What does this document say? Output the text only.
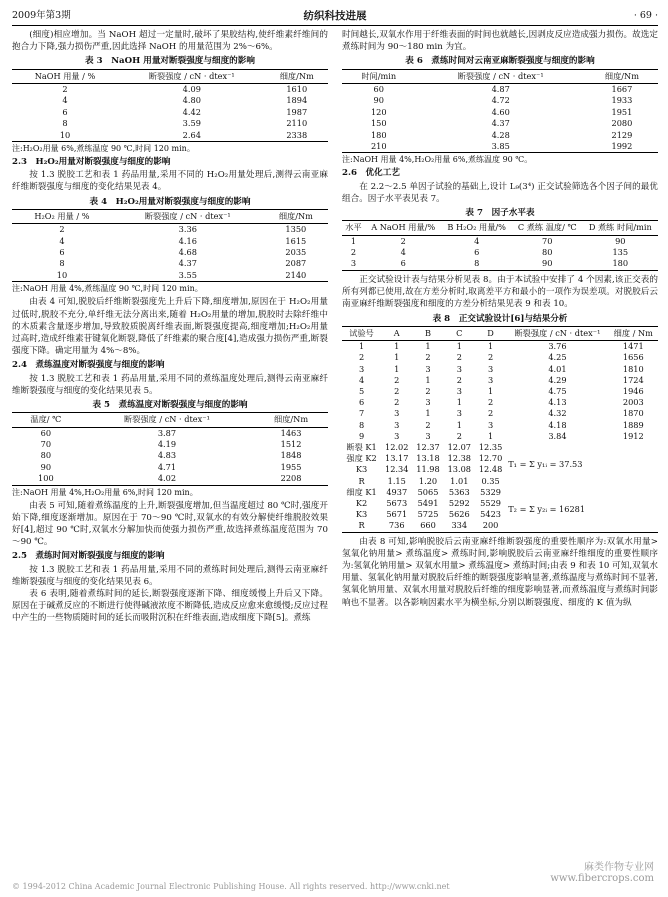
2009年第3期	纺织科技进展	· 69 ·

(细度)相应增加。当 NaOH 超过一定量时,破坏了果胶结构,使纤维素纤维间的抱合力下降,强力损伤严重,因此选择 NaOH 的用量范围为 2%～6%。

表 3　NaOH 用量对断裂强度与细度的影响
NaOH 用量 / %	断裂强度 / cN · dtex⁻¹	细度/Nm
2	4.09	1610
4	4.80	1894
6	4.42	1987
8	3.59	2110
10	2.64	2338
注:H₂O₂用量 6%,煮练温度 90 ℃,时间 120 min。
2.3　H₂O₂用量对断裂强度与细度的影响

按 1.3 脱胶工艺和表 1 药品用量,采用不同的 H₂O₂用量处理后,测得云南亚麻纤维断裂强度与细度的变化结果见表 4。

表 4　H₂O₂用量对断裂强度与细度的影响
H₂O₂ 用量 / %	断裂强度 / cN · dtex⁻¹	细度/Nm
2	3.36	1350
4	4.16	1615
6	4.68	2035
8	4.37	2087
10	3.55	2140
注:NaOH 用量 4%,煮练温度 90 ℃,时间 120 min。

由表 4 可知,脱胶后纤维断裂强度先上升后下降,细度增加,原因在于 H₂O₂用量过低时,脱胶不充分,单纤维无法分离出来,随着 H₂O₂用量的增加,脱胶时去除纤维中的木质素含量逐步增加,导致胶质脱离纤维表面,断裂强度提高,细度增加;H₂O₂用量过高时,造成纤维素苷键氧化断裂,降低了纤维素的聚合度[4],造成强力损伤严重,断裂强度下降。确定用量为 4%～8%。

2.4　煮练温度对断裂强度与细度的影响

按 1.3 脱胶工艺和表 1 药品用量,采用不同的煮练温度处理后,测得云南亚麻纤维断裂强度与细度的变化结果见表 5。

表 5　煮练温度对断裂强度与细度的影响
温度/ ℃	断裂强度 / cN · dtex⁻¹	细度/Nm
60	3.87	1463
70	4.19	1512
80	4.83	1848
90	4.71	1955
100	4.02	2208
注:NaOH 用量 4%,H₂O₂用量 6%,时间 120 min。

由表 5 可知,随着煮练温度的上升,断裂强度增加,但当温度超过 80 ℃时,强度开始下降,细度逐渐增加。原因在于 70～90 ℃时,双氧水的有效分解使纤维脱胶效果好[4],超过 90 ℃时,双氧水分解加快而使强力损伤严重,故选择煮练温度范围为 70～90 ℃。

2.5　煮练时间对断裂强度与细度的影响

按 1.3 脱胶工艺和表 1 药品用量,采用不同的煮练时间处理后,测得云南亚麻纤维断裂强度与细度的变化结果见表 6。

表 6 表明,随着煮练时间的延长,断裂强度逐渐下降、细度缓慢上升后又下降。原因在于碱煮反应的不断进行使得碱液浓度不断降低,造成反应愈来愈缓慢;反应过程中产生的一些物质随时间的延长而吸附沉积在纤维表面,造成细度下降[5]。煮练

时间越长,双氧水作用于纤维表面的时间也就越长,因剥皮反应造成强力损伤。故选定煮练时间为 90～180 min 为宜。

表 6　煮练时间对云南亚麻断裂强度与细度的影响
时间/min	断裂强度 / cN · dtex⁻¹	细度/Nm
60	4.87	1667
90	4.72	1933
120	4.60	1951
150	4.37	2080
180	4.28	2129
210	3.85	1992
注:NaOH 用量 4%,H₂O₂用量 6%,煮练温度 90 ℃。
2.6　优化工艺

在 2.2～2.5 单因子试验的基础上,设计 L₉(3⁴) 正交试验筛选各个因子间的最优组合。因子水平表见表 7。

表 7　因子水平表
水平	A NaOH 用量/%	B H₂O₂ 用量/%	C 煮练 温度/ ℃	D 煮练 时间/min
1	2	4	70	90
2	4	6	80	135
3	6	8	90	180

正交试验设计表与结果分析见表 8。由于本试验中安排了 4 个因素,该正交表的所有列都已使用,故在方差分析时,取离差平方和最小的一项作为误差项。对脱胶后云南亚麻纤维断裂强度和细度的方差分析结果见表 9 和表 10。

表 8　正交试验设计[6]与结果分析
试验号	A	B	C	D	断裂强度 / cN · dtex⁻¹	细度 / Nm
1	1	1	1	1	3.76	1471
2	1	2	2	2	4.25	1656
3	1	3	3	3	4.01	1810
4	2	1	2	3	4.29	1724
5	2	2	3	1	4.75	1946
6	2	3	1	2	4.13	2003
7	3	1	3	2	4.32	1870
8	3	2	1	3	4.18	1889
9	3	3	2	1	3.84	1912
断裂 K1	12.02	12.37	12.07	12.35	T₁ = Σ y₁ᵢ = 37.53	
强度 K2	13.17	13.18	12.38	12.70		
K3	12.34	11.98	13.08	12.48		
R	1.15	1.20	1.01	0.35		
细度 K1	4937	5065	5363	5329	T₂ = Σ y₂ᵢ = 16281	
K2	5673	5491	5292	5529		
K3	5671	5725	5626	5423		
R	736	660	334	200		

由表 8 可知,影响脱胶后云南亚麻纤维断裂强度的重要性顺序为:双氧水用量> 氢氧化钠用量> 煮练温度> 煮练时间,影响脱胶后云南亚麻纤维细度的重要性顺序为:氢氧化钠用量> 双氧水用量> 煮练温度> 煮练时间;由表 9 和表 10 可知,双氧水用量、氢氧化钠用量对脱胶后纤维的断裂强度影响显著,煮练温度与煮练时间不显著,氢氧化钠用量、双氧水用量对脱胶后纤维的细度影响显著,而煮练温度与煮练时间影响也不显著。以各影响因素水平为横坐标,分别以断裂强度、细度的 K 值为纵

麻类作物专业网
www.fibercrops.com
© 1994-2012 China Academic Journal Electronic Publishing House. All rights reserved. http://www.cnki.net
